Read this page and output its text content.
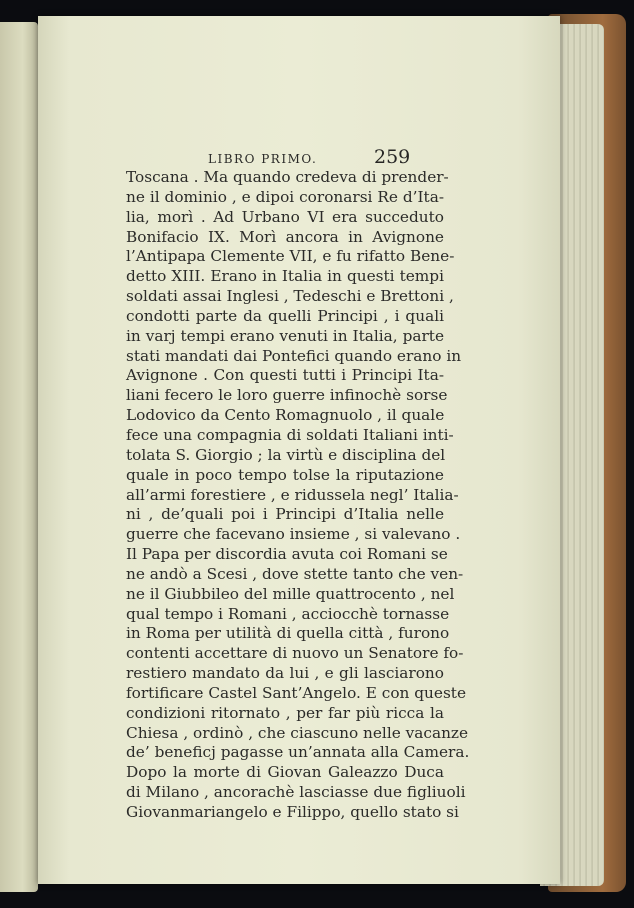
LIBRO PRIMO.	259
Toscana . Ma quando credeva di prender-
ne il dominio , e dipoi coronarsi Re d’Ita-
lia, morì . Ad Urbano VI era succeduto
Bonifacio IX. Morì ancora in Avignone
l’Antipapa Clemente VII, e fu rifatto Bene-
detto XIII. Erano in Italia in questi tempi
soldati assai Inglesi , Tedeschi e Brettoni ,
condotti parte da quelli Principi , i quali
in varj tempi erano venuti in Italia, parte
stati mandati dai Pontefici quando erano in
Avignone . Con questi tutti i Principi Ita-
liani fecero le loro guerre infinochè sorse
Lodovico da Cento Romagnuolo , il quale
fece una compagnia di soldati Italiani inti-
tolata S. Giorgio ; la virtù e disciplina del
quale in poco tempo tolse la riputazione
all’armi forestiere , e ridussela negl’ Italia-
ni , de’quali poi i Principi d’Italia nelle
guerre che facevano insieme , si valevano .
Il Papa per discordia avuta coi Romani se
ne andò a Scesi , dove stette tanto che ven-
ne il Giubbileo del mille quattrocento , nel
qual tempo i Romani , acciocchè tornasse
in Roma per utilità di quella città , furono
contenti accettare di nuovo un Senatore fo-
restiero mandato da lui , e gli lasciarono
fortificare Castel Sant’Angelo. E con queste
condizioni ritornato , per far più ricca la
Chiesa , ordinò , che ciascuno nelle vacanze
de’ beneficj pagasse un’annata alla Camera.
Dopo la morte di Giovan Galeazzo Duca
di Milano , ancorachè lasciasse due figliuoli
Giovanmariangelo e Filippo, quello stato si
